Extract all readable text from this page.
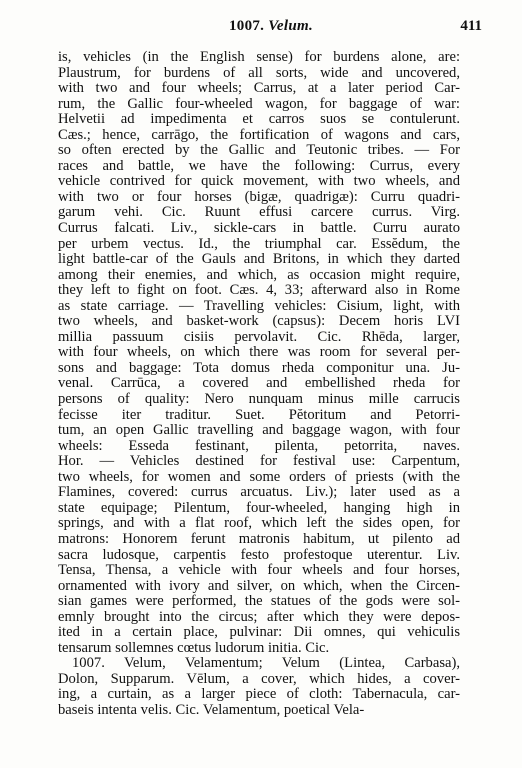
1007. Velum.	411
is, vehicles (in the English sense) for burdens alone, are:
Plaustrum, for burdens of all sorts, wide and uncovered,
with two and four wheels; Carrus, at a later period Car-
rum, the Gallic four-wheeled wagon, for baggage of war:
Helvetii ad impedimenta et carros suos se contulerunt.
Cæs.; hence, carrāgo, the fortification of wagons and cars,
so often erected by the Gallic and Teutonic tribes. — For
races and battle, we have the following: Currus, every
vehicle contrived for quick movement, with two wheels, and
with two or four horses (bigæ, quadrigæ): Curru quadri-
garum vehi. Cic. Ruunt effusi carcere currus. Virg.
Currus falcati. Liv., sickle-cars in battle. Curru aurato
per urbem vectus. Id., the triumphal car. Essĕdum, the
light battle-car of the Gauls and Britons, in which they darted
among their enemies, and which, as occasion might require,
they left to fight on foot. Cæs. 4, 33; afterward also in Rome
as state carriage. — Travelling vehicles: Cisium, light, with
two wheels, and basket-work (capsus): Decem horis LVI
millia passuum cisiis pervolavit. Cic. Rhēda, larger,
with four wheels, on which there was room for several per-
sons and baggage: Tota domus rheda componitur una. Ju-
venal. Carrūca, a covered and embellished rheda for
persons of quality: Nero nunquam minus mille carrucis
fecisse iter traditur. Suet. Pĕtoritum and Petorri-
tum, an open Gallic travelling and baggage wagon, with four
wheels: Esseda festinant, pilenta, petorrita, naves.
Hor. — Vehicles destined for festival use: Carpentum,
two wheels, for women and some orders of priests (with the
Flamines, covered: currus arcuatus. Liv.); later used as a
state equipage; Pilentum, four-wheeled, hanging high in
springs, and with a flat roof, which left the sides open, for
matrons: Honorem ferunt matronis habitum, ut pilento ad
sacra ludosque, carpentis festo profestoque uterentur. Liv.
Tensa, Thensa, a vehicle with four wheels and four horses,
ornamented with ivory and silver, on which, when the Circen-
sian games were performed, the statues of the gods were sol-
emnly brought into the circus; after which they were depos-
ited in a certain place, pulvinar: Dii omnes, qui vehiculis
tensarum sollemnes cœtus ludorum initia. Cic.
1007. Velum, Velamentum; Velum (Lintea, Carbasa),
Dolon, Supparum. Vēlum, a cover, which hides, a cover-
ing, a curtain, as a larger piece of cloth: Tabernacula, car-
baseis intenta velis. Cic. Velamentum, poetical Vela-
